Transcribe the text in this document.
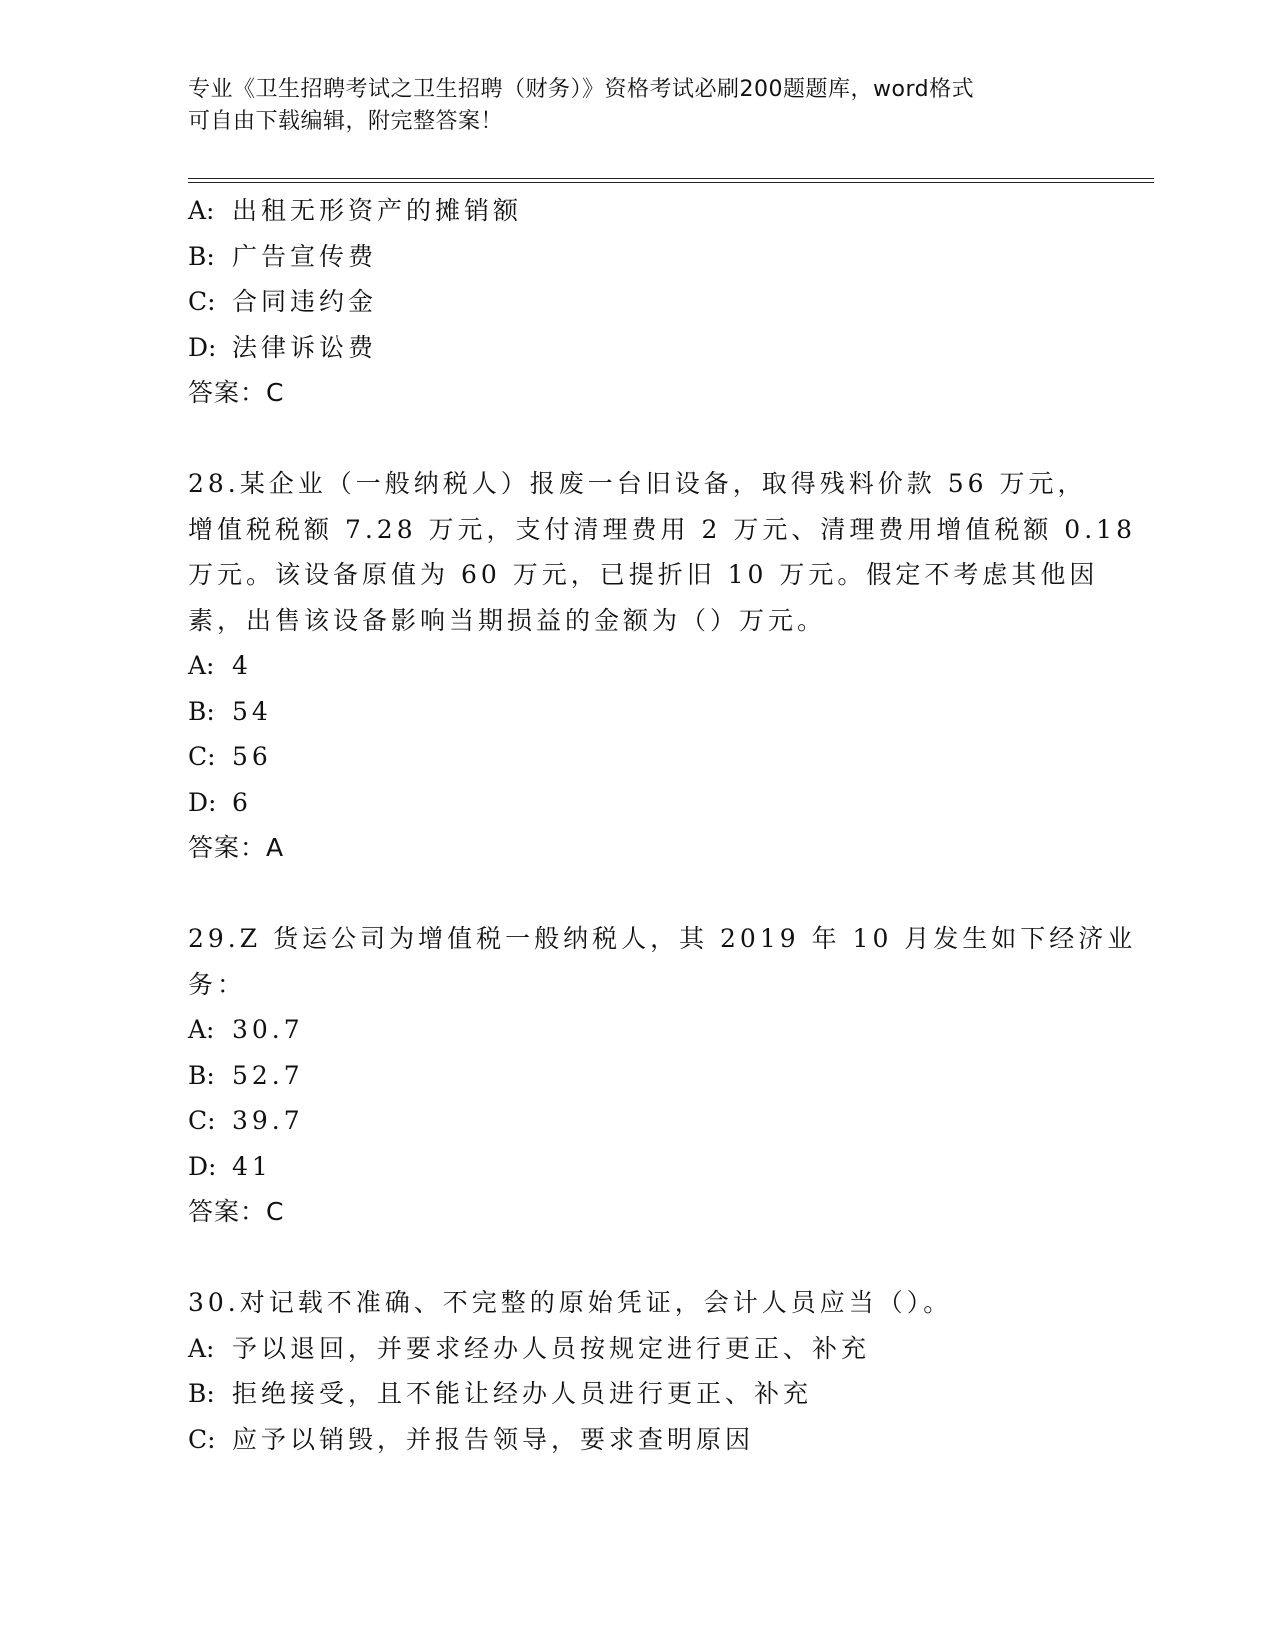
专业《卫生招聘考试之卫生招聘（财务）》资格考试必刷200题题库，word格式
可自由下载编辑，附完整答案！
A: 出租无形资产的摊销额
B: 广告宣传费
C: 合同违约金
D: 法律诉讼费
答案：C
28.某企业（一般纳税人）报废一台旧设备，取得残料价款 56 万元，
增值税税额 7.28 万元，支付清理费用 2 万元、清理费用增值税额 0.18
万元。该设备原值为 60 万元，已提折旧 10 万元。假定不考虑其他因
素，出售该设备影响当期损益的金额为（）万元。
A: 4
B: 54
C: 56
D: 6
答案：A
29.Z 货运公司为增值税一般纳税人，其 2019 年 10 月发生如下经济业
务：
A: 30.7
B: 52.7
C: 39.7
D: 41
答案：C
30.对记载不准确、不完整的原始凭证，会计人员应当（）。
A: 予以退回，并要求经办人员按规定进行更正、补充
B: 拒绝接受，且不能让经办人员进行更正、补充
C: 应予以销毁，并报告领导，要求查明原因
